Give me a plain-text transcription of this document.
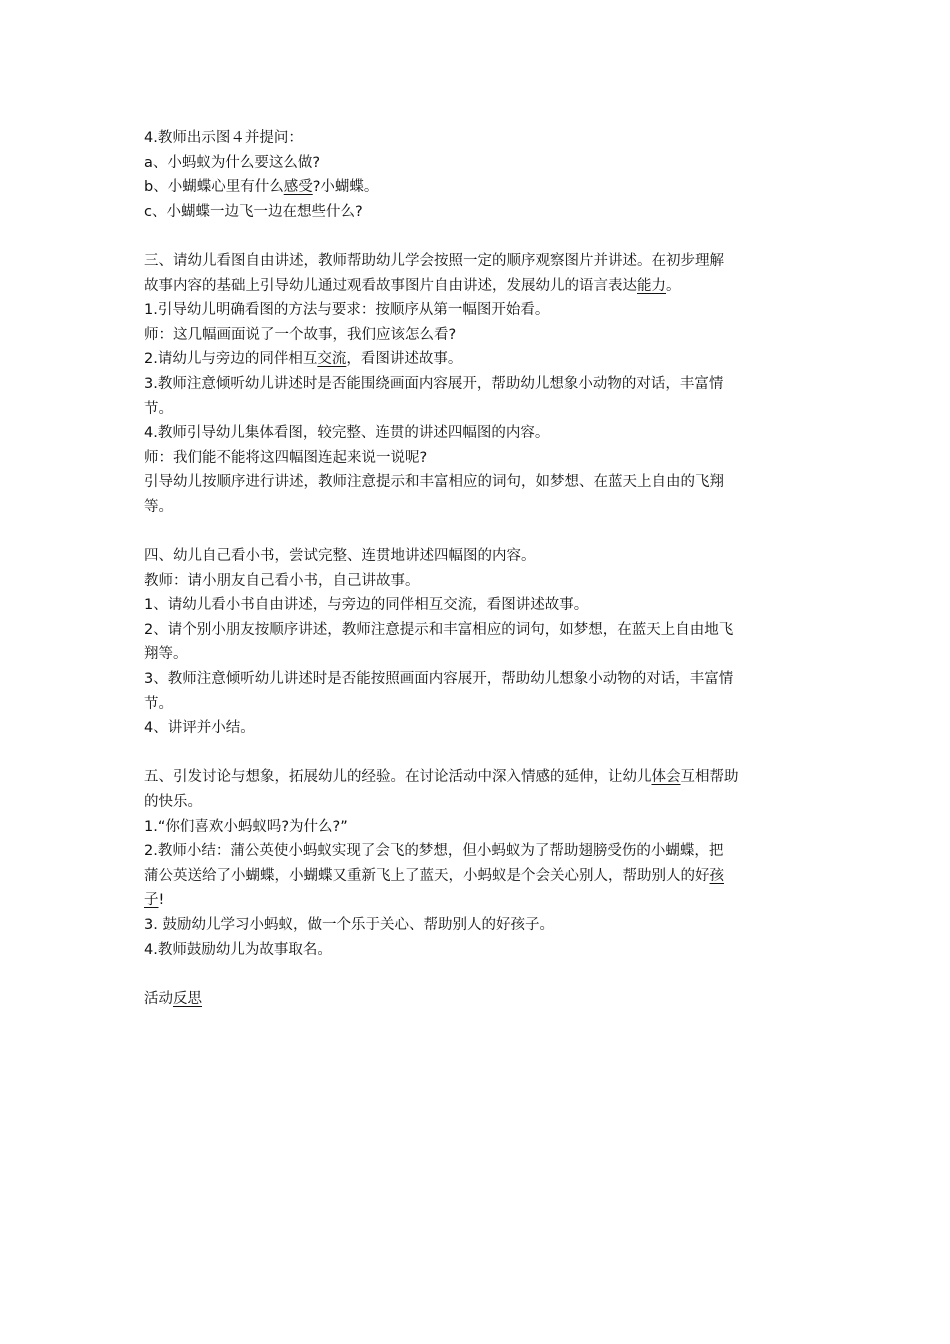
4.教师出示图４并提问：
a、小蚂蚁为什么要这么做?
b、小蝴蝶心里有什么感受?小蝴蝶。
c、小蝴蝶一边飞一边在想些什么?
三、请幼儿看图自由讲述，教师帮助幼儿学会按照一定的顺序观察图片并讲述。在初步理解
故事内容的基础上引导幼儿通过观看故事图片自由讲述，发展幼儿的语言表达能力。
1.引导幼儿明确看图的方法与要求：按顺序从第一幅图开始看。
师：这几幅画面说了一个故事，我们应该怎么看?
2.请幼儿与旁边的同伴相互交流，看图讲述故事。
3.教师注意倾听幼儿讲述时是否能围绕画面内容展开，帮助幼儿想象小动物的对话，丰富情
节。
4.教师引导幼儿集体看图，较完整、连贯的讲述四幅图的内容。
师：我们能不能将这四幅图连起来说一说呢?
引导幼儿按顺序进行讲述，教师注意提示和丰富相应的词句，如梦想、在蓝天上自由的飞翔
等。
四、幼儿自己看小书，尝试完整、连贯地讲述四幅图的内容。
教师：请小朋友自己看小书，自己讲故事。
1、请幼儿看小书自由讲述，与旁边的同伴相互交流，看图讲述故事。
2、请个别小朋友按顺序讲述，教师注意提示和丰富相应的词句，如梦想，在蓝天上自由地飞
翔等。
3、教师注意倾听幼儿讲述时是否能按照画面内容展开，帮助幼儿想象小动物的对话，丰富情
节。
4、讲评并小结。
五、引发讨论与想象，拓展幼儿的经验。在讨论活动中深入情感的延伸，让幼儿体会互相帮助
的快乐。
1.“你们喜欢小蚂蚁吗?为什么?”
2.教师小结：蒲公英使小蚂蚁实现了会飞的梦想，但小蚂蚁为了帮助翅膀受伤的小蝴蝶，把
蒲公英送给了小蝴蝶，小蝴蝶又重新飞上了蓝天，小蚂蚁是个会关心别人，帮助别人的好孩
子!
3. 鼓励幼儿学习小蚂蚁，做一个乐于关心、帮助别人的好孩子。
4.教师鼓励幼儿为故事取名。
活动反思
